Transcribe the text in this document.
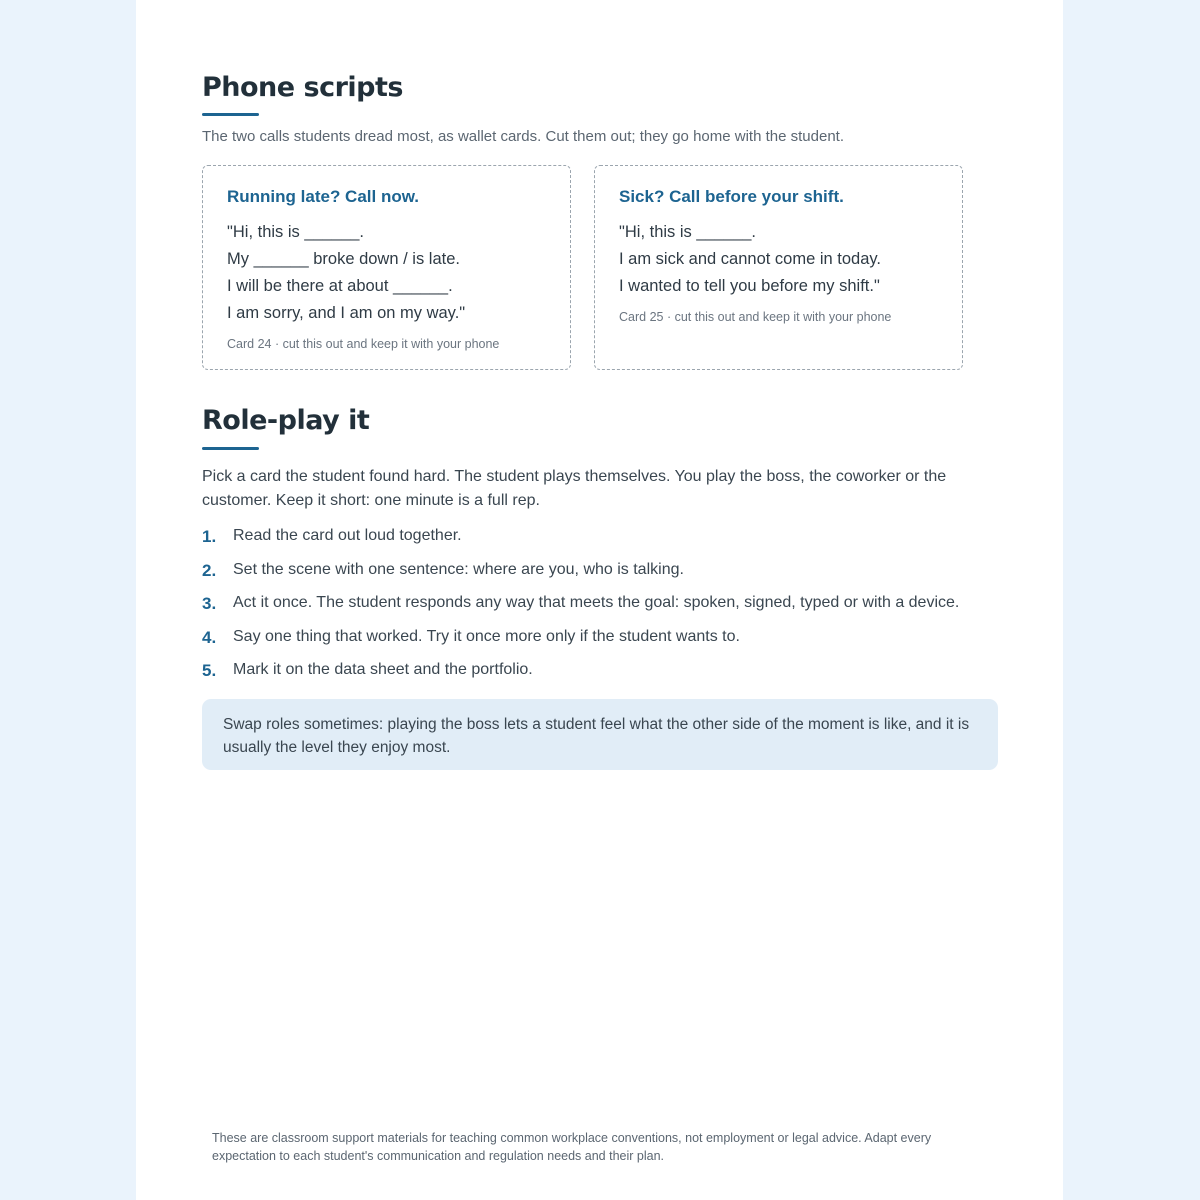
Phone scripts
The two calls students dread most, as wallet cards. Cut them out; they go home with the student.
Running late? Call now.
"Hi, this is ______.
My ______ broke down / is late.
I will be there at about ______.
I am sorry, and I am on my way."
Card 24 · cut this out and keep it with your phone
Sick? Call before your shift.
"Hi, this is ______.
I am sick and cannot come in today.
I wanted to tell you before my shift."
Card 25 · cut this out and keep it with your phone
Role-play it
Pick a card the student found hard. The student plays themselves. You play the boss, the coworker or the customer. Keep it short: one minute is a full rep.
1. Read the card out loud together.
2. Set the scene with one sentence: where are you, who is talking.
3. Act it once. The student responds any way that meets the goal: spoken, signed, typed or with a device.
4. Say one thing that worked. Try it once more only if the student wants to.
5. Mark it on the data sheet and the portfolio.
Swap roles sometimes: playing the boss lets a student feel what the other side of the moment is like, and it is usually the level they enjoy most.
These are classroom support materials for teaching common workplace conventions, not employment or legal advice. Adapt every expectation to each student's communication and regulation needs and their plan.
